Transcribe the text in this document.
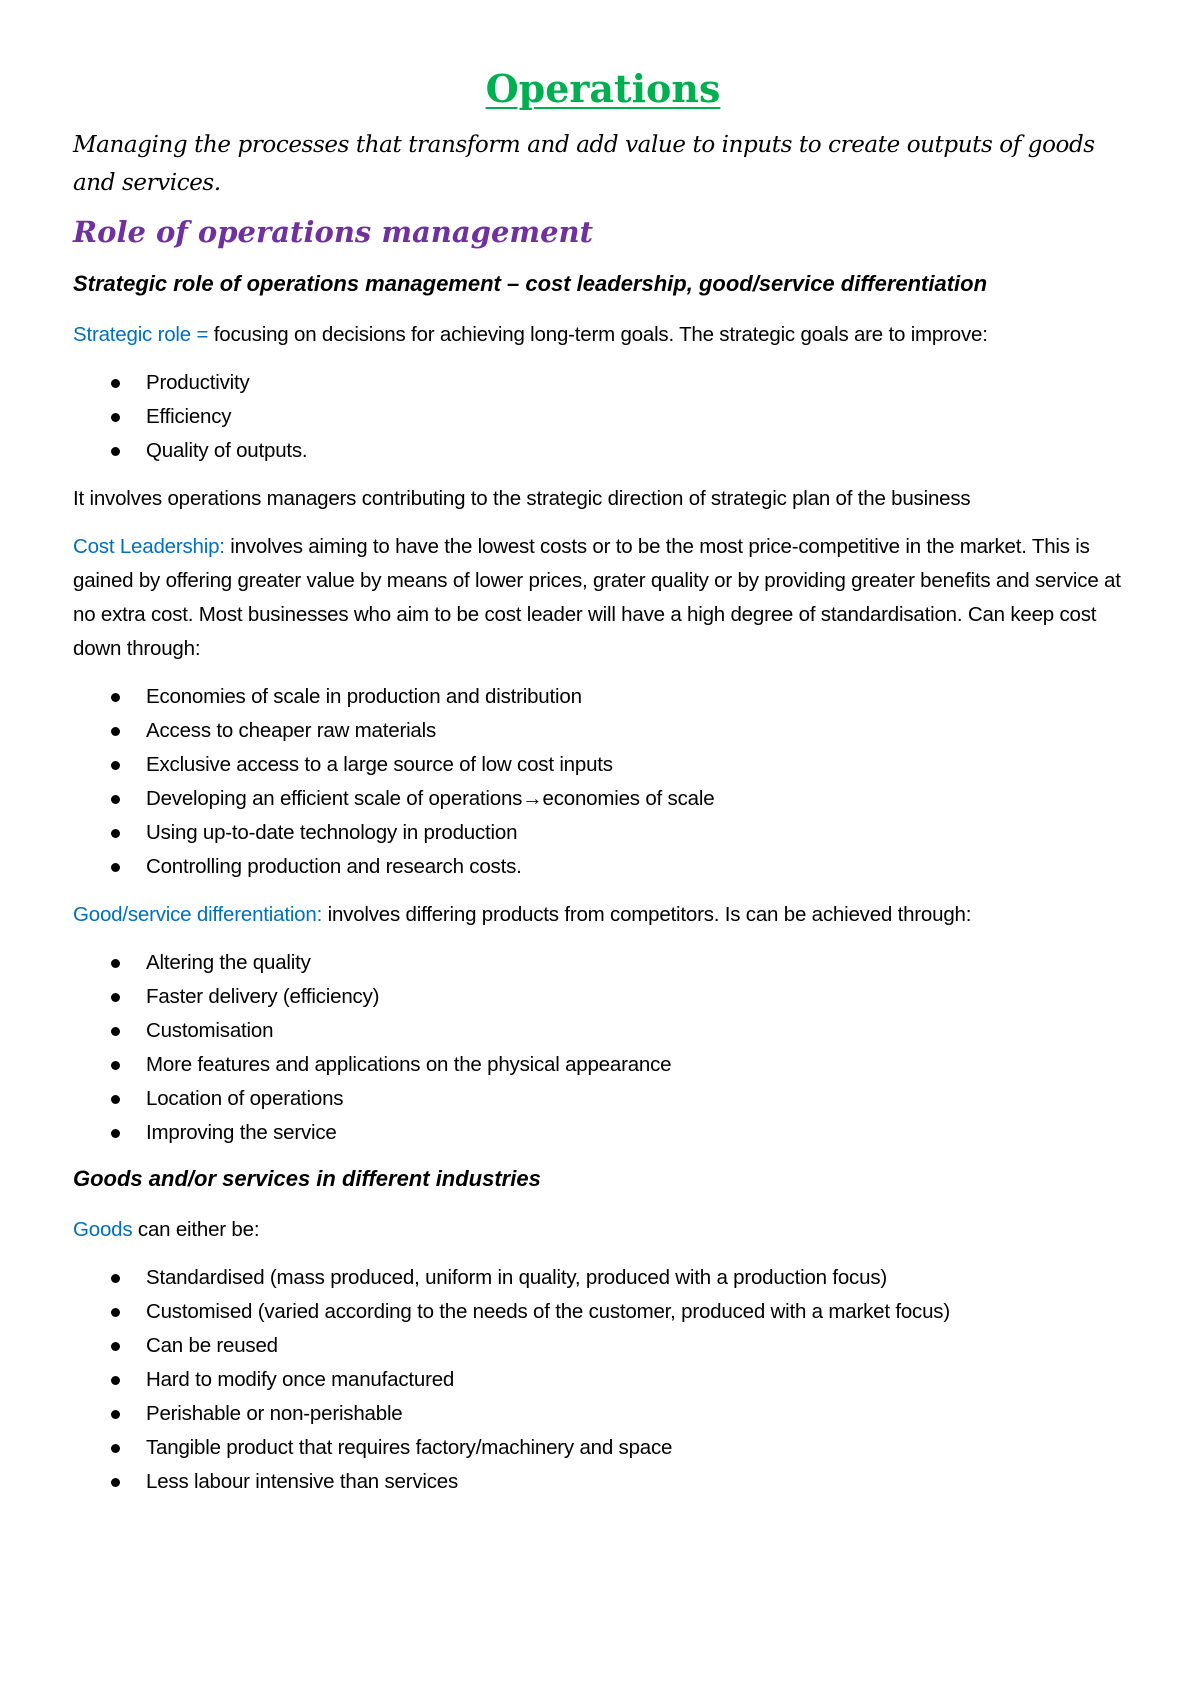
Operations

Managing the processes that transform and add value to inputs to create outputs of goods and services.

Role of operations management
Strategic role of operations management – cost leadership, good/service differentiation

Strategic role = focusing on decisions for achieving long-term goals. The strategic goals are to improve:

Productivity
Efficiency
Quality of outputs.

It involves operations managers contributing to the strategic direction of strategic plan of the business

Cost Leadership: involves aiming to have the lowest costs or to be the most price-competitive in the market. This is gained by offering greater value by means of lower prices, grater quality or by providing greater benefits and service at no extra cost. Most businesses who aim to be cost leader will have a high degree of standardisation. Can keep cost down through:

Economies of scale in production and distribution
Access to cheaper raw materials
Exclusive access to a large source of low cost inputs
Developing an efficient scale of operations→economies of scale
Using up-to-date technology in production
Controlling production and research costs.

Good/service differentiation: involves differing products from competitors. Is can be achieved through:

Altering the quality
Faster delivery (efficiency)
Customisation
More features and applications on the physical appearance
Location of operations
Improving the service
Goods and/or services in different industries

Goods can either be:

Standardised (mass produced, uniform in quality, produced with a production focus)
Customised (varied according to the needs of the customer, produced with a market focus)
Can be reused
Hard to modify once manufactured
Perishable or non-perishable
Tangible product that requires factory/machinery and space
Less labour intensive than services
